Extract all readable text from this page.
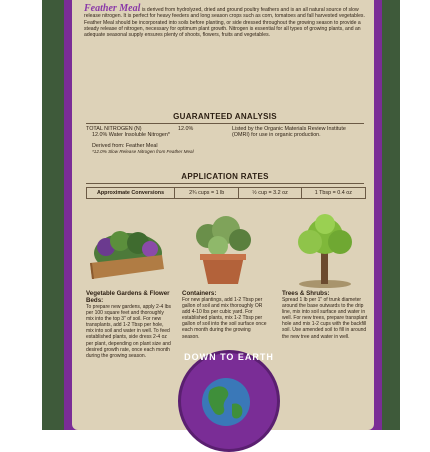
Feather Meal is derived from hydrolyzed, dried and ground poultry feathers and is an all natural source of slow release nitrogen. It is perfect for heavy feeders and long season crops such as corn, tomatoes and fall harvested vegetables. Feather Meal should be incorporated into soils before planting, or side dressed throughout the growing season to provide a steady release of nitrogen, necessary for optimum plant growth. Nitrogen is essential for all types of growing plants, and an adequate seasonal supply ensures plenty of shoots, flowers, fruits and vegetables.
GUARANTEED ANALYSIS
TOTAL NITROGEN (N)	12.0%
12.0% Water Insoluble Nitrogen*
Listed by the Organic Materials Review Institute (OMRI) for use in organic production.
Derived from: Feather Meal
*12.0% Slow Release Nitrogen from Feather Meal
APPLICATION RATES
Approximate Conversions	2¾ cups = 1 lb	½ cup = 3.2 oz	1 Tbsp = 0.4 oz
Vegetable Gardens & Flower Beds:
To prepare new gardens, apply 2-4 lbs per 100 square feet and thoroughly mix into the top 3" of soil. For new transplants, add 1-2 Tbsp per hole, mix into soil and water in well. To feed established plants, side dress 2-4 oz per plant, depending on plant size and desired growth rate, once each month during the growing season.
Containers:
For new plantings, add 1-2 Tbsp per gallon of soil and mix thoroughly OR add 4-10 lbs per cubic yard. For established plants, mix 1-2 Tbsp per gallon of soil into the soil surface once each month during the growing season.
Trees & Shrubs:
Spread 1 lb per 1" of trunk diameter around the base outwards to the drip line, mix into soil surface and water in well. For new trees, prepare transplant hole and mix 1-2 cups with the backfill soil. Use amended soil to fill in around the new tree and water in well.
DOWN TO EARTH
